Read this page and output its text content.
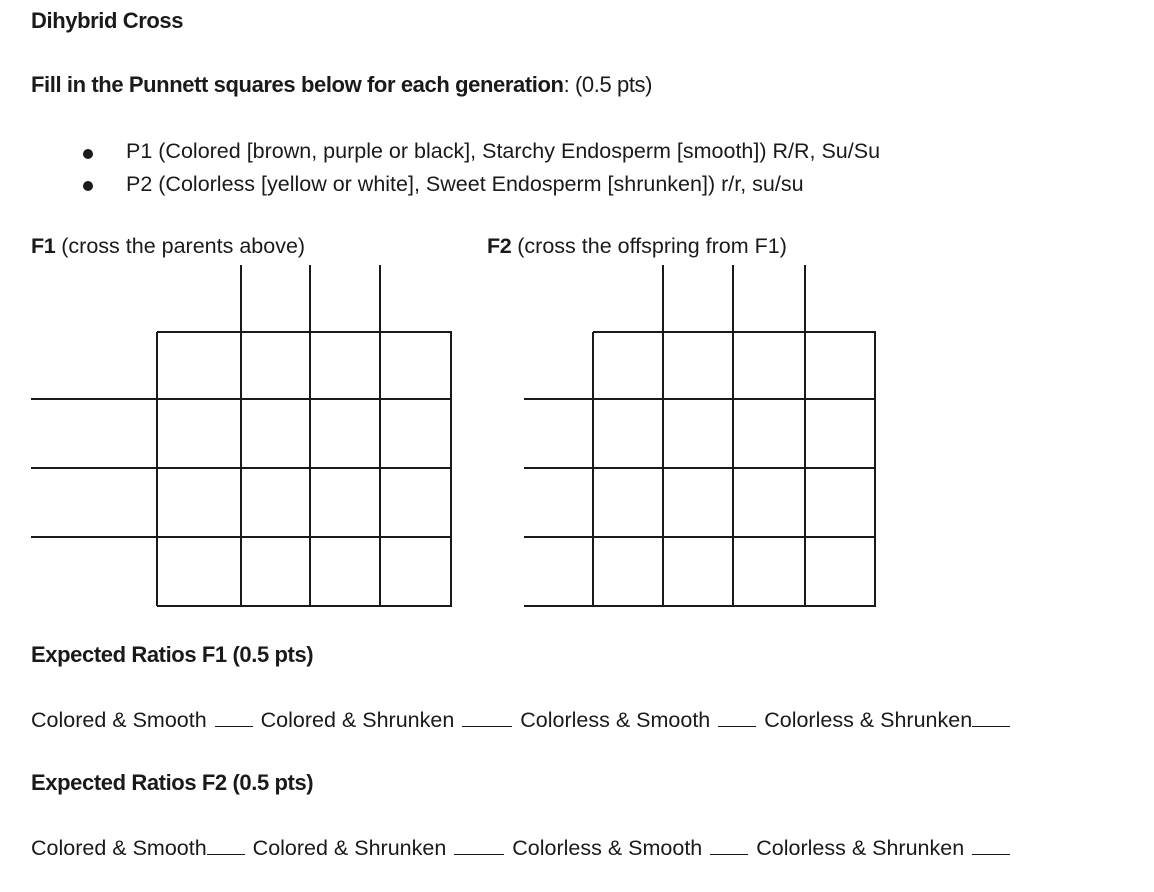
Dihybrid Cross
Fill in the Punnett squares below for each generation: (0.5 pts)
P1 (Colored [brown, purple or black], Starchy Endosperm [smooth]) R/R, Su/Su
P2 (Colorless [yellow or white], Sweet Endosperm [shrunken]) r/r, su/su
F1 (cross the parents above)	F2 (cross the offspring from F1)
Expected Ratios F1 (0.5 pts)
Colored & Smooth	Colored & Shrunken	Colorless & Smooth	Colorless & Shrunken
Expected Ratios F2 (0.5 pts)
Colored & Smooth Colored & Shrunken	Colorless & Smooth	Colorless & Shrunken
